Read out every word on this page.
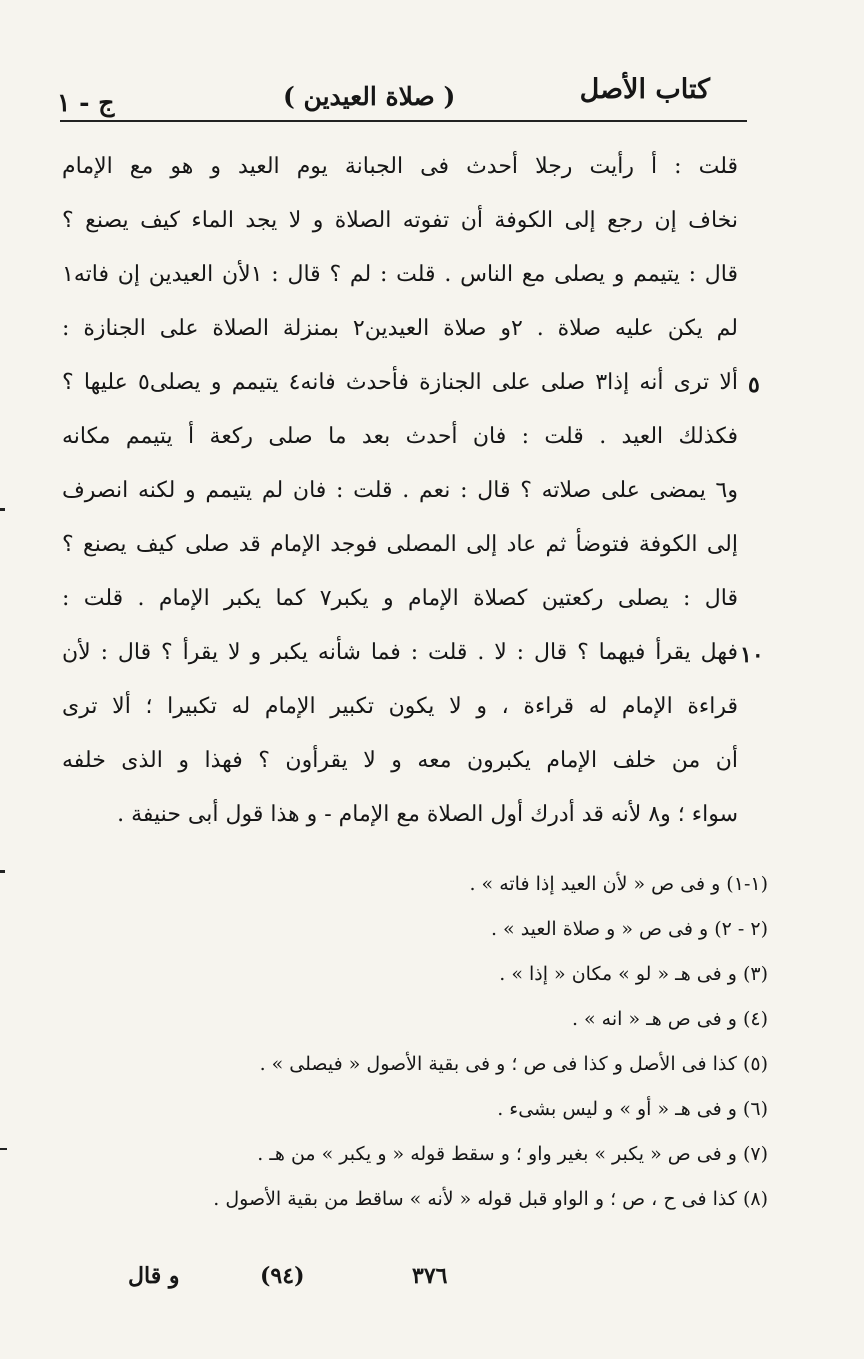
كتاب الأصل
( صلاة العيدين )
ج - ١
قلت : أ رأيت رجلا أحدث فى الجبانة يوم العيد و هو مع الإمام
نخاف إن رجع إلى الكوفة أن تفوته الصلاة و لا يجد الماء كيف يصنع ؟
قال : يتيمم و يصلى مع الناس . قلت : لم ؟ قال : ١لأن العيدين إن فاته١
لم يكن عليه صلاة . ٢و صلاة العيدين٢ بمنزلة الصلاة على الجنازة :
ألا ترى أنه إذا٣ صلى على الجنازة فأحدث فانه٤ يتيمم و يصلى٥ عليها ؟
فكذلك العيد . قلت : فان أحدث بعد ما صلى ركعة أ يتيمم مكانه
و٦ يمضى على صلاته ؟ قال : نعم . قلت : فان لم يتيمم و لكنه انصرف
إلى الكوفة فتوضأ ثم عاد إلى المصلى فوجد الإمام قد صلى كيف يصنع ؟
قال : يصلى ركعتين كصلاة الإمام و يكبر٧ كما يكبر الإمام . قلت :
فهل يقرأ فيهما ؟ قال : لا . قلت : فما شأنه يكبر و لا يقرأ ؟ قال : لأن
قراءة الإمام له قراءة ، و لا يكون تكبير الإمام له تكبيرا ؛ ألا ترى
أن من خلف الإمام يكبرون معه و لا يقرأون ؟ فهذا و الذى خلفه
سواء ؛ و٨ لأنه قد أدرك أول الصلاة مع الإمام - و هذا قول أبى حنيفة .
٥
١٠
(١-١) و فى ص « لأن العيد إذا فاته » .
(٢ - ٢) و فى ص « و صلاة العيد » .
(٣) و فى هـ « لو » مكان « إذا » .
(٤) و فى ص هـ « انه » .
(٥) كذا فى الأصل و كذا فى ص ؛ و فى بقية الأصول « فيصلى » .
(٦) و فى هـ « أو » و ليس بشىء .
(٧) و فى ص « يكبر » بغير واو ؛ و سقط قوله « و يكبر » من هـ .
(٨) كذا فى ح ، ص ؛ و الواو قبل قوله « لأنه » ساقط من بقية الأصول .
و قال	(٩٤)	٣٧٦
